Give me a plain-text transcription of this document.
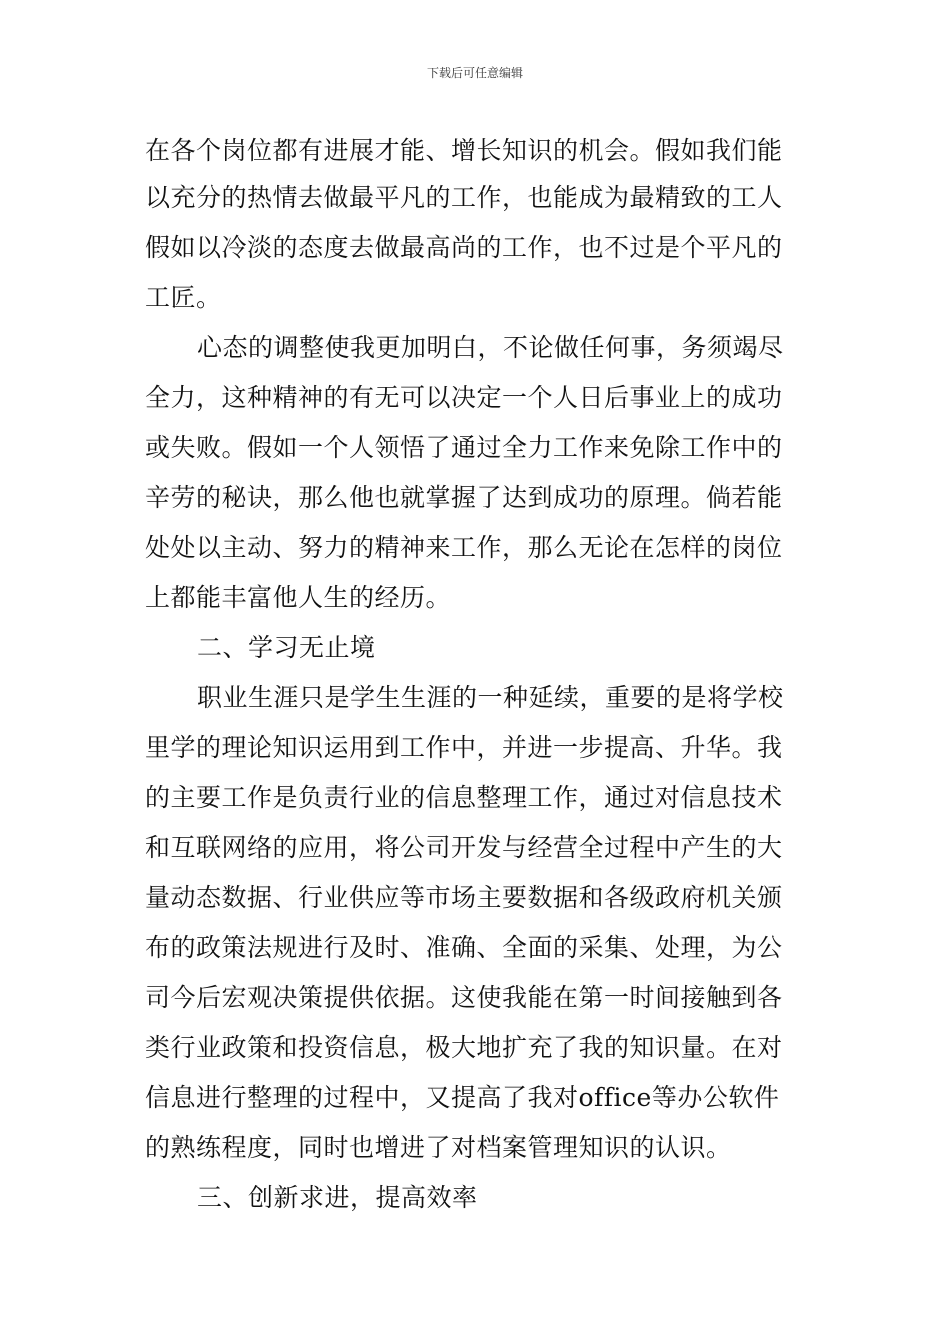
下载后可任意编辑
在各个岗位都有进展才能、增长知识的机会。假如我们能
以充分的热情去做最平凡的工作，也能成为最精致的工人
假如以冷淡的态度去做最高尚的工作，也不过是个平凡的
工匠。
心态的调整使我更加明白，不论做任何事，务须竭尽
全力，这种精神的有无可以决定一个人日后事业上的成功
或失败。假如一个人领悟了通过全力工作来免除工作中的
辛劳的秘诀，那么他也就掌握了达到成功的原理。倘若能
处处以主动、努力的精神来工作，那么无论在怎样的岗位
上都能丰富他人生的经历。
二、学习无止境
职业生涯只是学生生涯的一种延续，重要的是将学校
里学的理论知识运用到工作中，并进一步提高、升华。我
的主要工作是负责行业的信息整理工作，通过对信息技术
和互联网络的应用，将公司开发与经营全过程中产生的大
量动态数据、行业供应等市场主要数据和各级政府机关颁
布的政策法规进行及时、准确、全面的采集、处理，为公
司今后宏观决策提供依据。这使我能在第一时间接触到各
类行业政策和投资信息，极大地扩充了我的知识量。在对
信息进行整理的过程中，又提高了我对office等办公软件
的熟练程度，同时也增进了对档案管理知识的认识。
三、创新求进，提高效率
